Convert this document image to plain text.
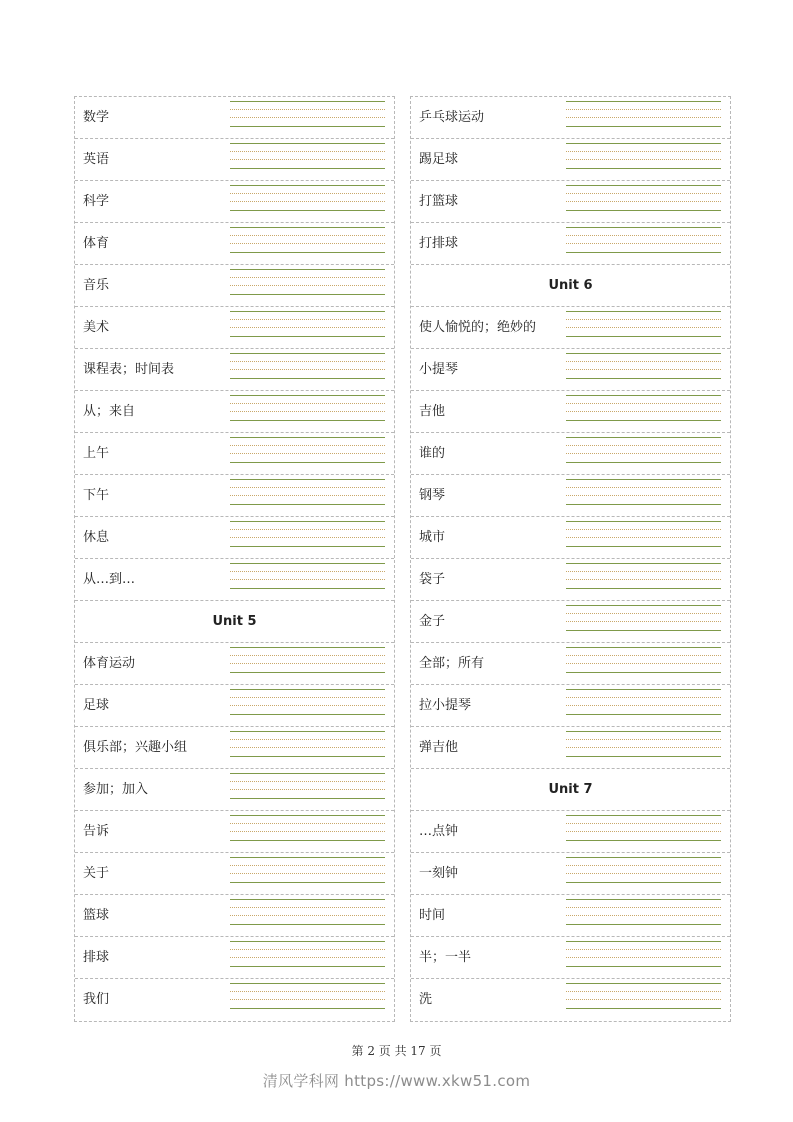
数学
英语
科学
体育
音乐
美术
课程表；时间表
从；来自
上午
下午
休息
从…到…
Unit 5
体育运动
足球
俱乐部；兴趣小组
参加；加入
告诉
关于
篮球
排球
我们
乒乓球运动
踢足球
打篮球
打排球
Unit 6
使人愉悦的；绝妙的
小提琴
吉他
谁的
钢琴
城市
袋子
金子
全部；所有
拉小提琴
弹吉他
Unit 7
…点钟
一刻钟
时间
半；一半
洗
第 2 页 共 17 页
清风学科网 https://www.xkw51.com
